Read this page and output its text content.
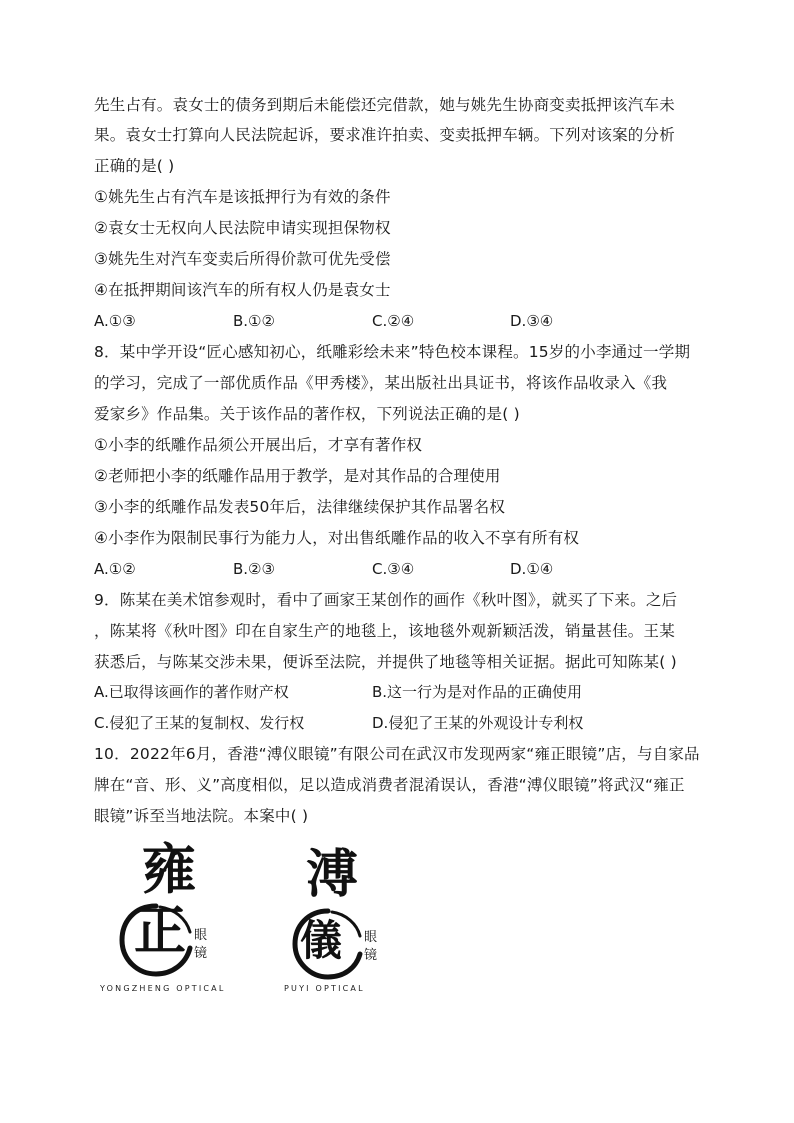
先生占有。袁女士的债务到期后未能偿还完借款，她与姚先生协商变卖抵押该汽车未
果。袁女士打算向人民法院起诉，要求准许拍卖、变卖抵押车辆。下列对该案的分析
正确的是( )
①姚先生占有汽车是该抵押行为有效的条件
②袁女士无权向人民法院申请实现担保物权
③姚先生对汽车变卖后所得价款可优先受偿
④在抵押期间该汽车的所有权人仍是袁女士
A.①③	B.①②	C.②④	D.③④
8．某中学开设“匠心感知初心，纸雕彩绘未来”特色校本课程。15岁的小李通过一学期
的学习，完成了一部优质作品《甲秀楼》，某出版社出具证书，将该作品收录入《我
爱家乡》作品集。关于该作品的著作权，下列说法正确的是( )
①小李的纸雕作品须公开展出后，才享有著作权
②老师把小李的纸雕作品用于教学，是对其作品的合理使用
③小李的纸雕作品发表50年后，法律继续保护其作品署名权
④小李作为限制民事行为能力人，对出售纸雕作品的收入不享有所有权
A.①②	B.②③	C.③④	D.①④
9．陈某在美术馆参观时，看中了画家王某创作的画作《秋叶图》，就买了下来。之后
，陈某将《秋叶图》印在自家生产的地毯上，该地毯外观新颖活泼，销量甚佳。王某
获悉后，与陈某交涉未果，便诉至法院，并提供了地毯等相关证据。据此可知陈某( )
A.已取得该画作的著作财产权	B.这一行为是对作品的正确使用
C.侵犯了王某的复制权、发行权	D.侵犯了王某的外观设计专利权
10．2022年6月，香港“溥仪眼镜”有限公司在武汉市发现两家“雍正眼镜”店，与自家品
牌在“音、形、义”高度相似，足以造成消费者混淆误认，香港“溥仪眼镜”将武汉“雍正
眼镜”诉至当地法院。本案中( )
雍
正 眼
镜
YONGZHENG OPTICAL
溥
儀 眼
镜
PUYI OPTICAL
